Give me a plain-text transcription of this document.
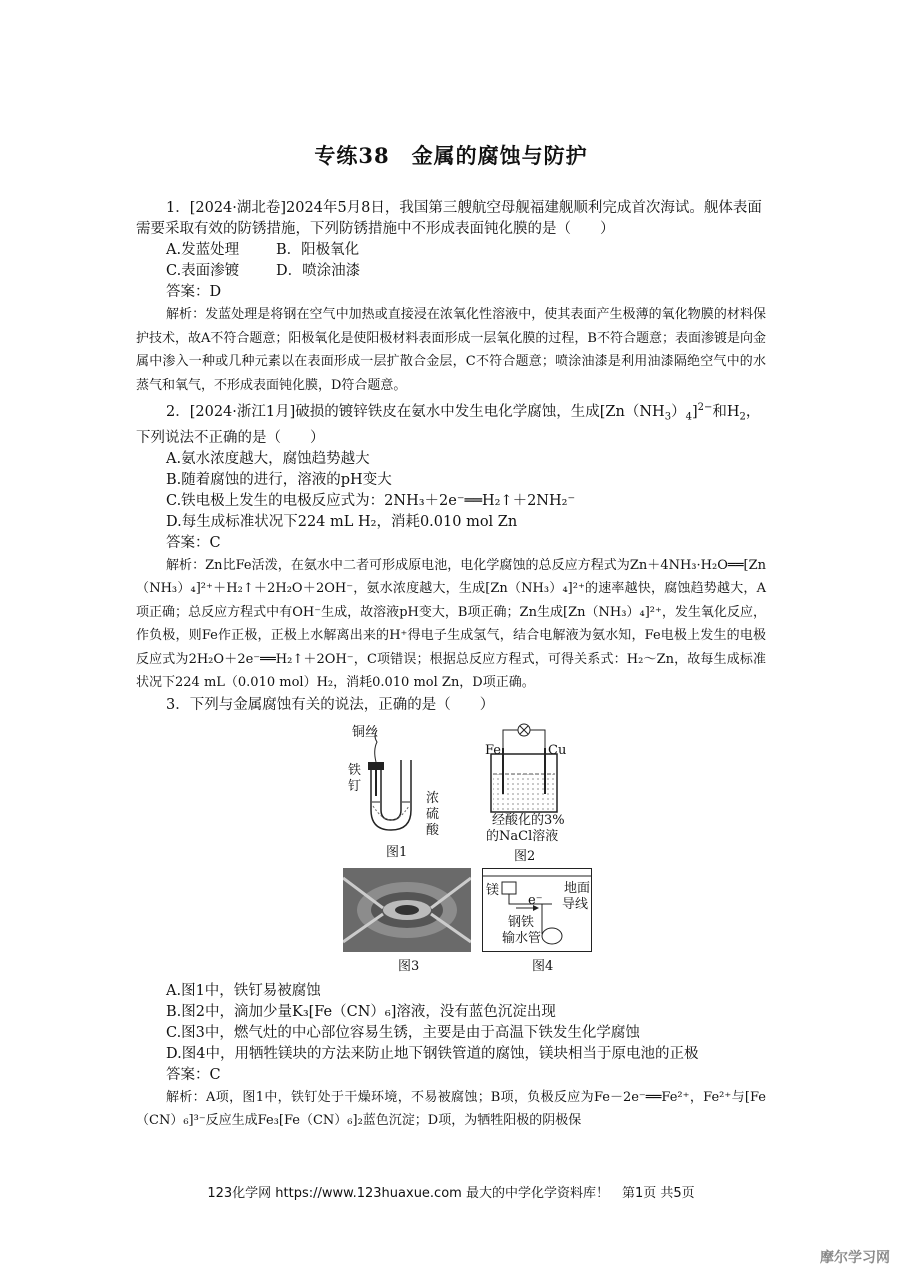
专练38　金属的腐蚀与防护

1．[2024·湖北卷]2024年5月8日，我国第三艘航空母舰福建舰顺利完成首次海试。舰体表面需要采取有效的防锈措施，下列防锈措施中不形成表面钝化膜的是（　　）

A.发蓝处理	B．阳极氧化

C.表面渗镀	D．喷涂油漆

答案：D

解析：发蓝处理是将钢在空气中加热或直接浸在浓氧化性溶液中，使其表面产生极薄的氧化物膜的材料保护技术，故A不符合题意；阳极氧化是使阳极材料表面形成一层氧化膜的过程，B不符合题意；表面渗镀是向金属中渗入一种或几种元素以在表面形成一层扩散合金层，C不符合题意；喷涂油漆是利用油漆隔绝空气中的水蒸气和氧气，不形成表面钝化膜，D符合题意。

2．[2024·浙江1月]破损的镀锌铁皮在氨水中发生电化学腐蚀，生成$[Zn(NH_3)_4]^{2-}$和$H_2$，下列说法不正确的是（　　）

A.氨水浓度越大，腐蚀趋势越大

B.随着腐蚀的进行，溶液的pH变大

C.铁电极上发生的电极反应式为：2NH₃＋2e⁻══H₂↑＋2NH₂⁻

D.每生成标准状况下224 mL H₂，消耗0.010 mol Zn

答案：C

解析：Zn比Fe活泼，在氨水中二者可形成原电池，电化学腐蚀的总反应方程式为Zn＋4NH₃·H₂O══[Zn（NH₃）₄]²⁺＋H₂↑＋2H₂O＋2OH⁻，氨水浓度越大，生成[Zn（NH₃）₄]²⁺的速率越快，腐蚀趋势越大，A项正确；总反应方程式中有OH⁻生成，故溶液pH变大，B项正确；Zn生成[Zn（NH₃）₄]²⁺，发生氧化反应，作负极，则Fe作正极，正极上水解离出来的H⁺得电子生成氢气，结合电解液为氨水知，Fe电极上发生的电极反应式为2H₂O＋2e⁻══H₂↑＋2OH⁻，C项错误；根据总反应方程式，可得关系式：H₂～Zn，故每生成标准状况下224 mL（0.010 mol）H₂，消耗0.010 mol Zn，D项正确。

3．下列与金属腐蚀有关的说法，正确的是（　　）

铜丝
铁
钉
浓
硫
酸
图1
Fe	Cu
经酸化的3%
的NaCl溶液
图2
图3
镁
e⁻
地面
导线
钢铁
输水管
图4

A.图1中，铁钉易被腐蚀

B.图2中，滴加少量K₃[Fe（CN）₆]溶液，没有蓝色沉淀出现

C.图3中，燃气灶的中心部位容易生锈，主要是由于高温下铁发生化学腐蚀

D.图4中，用牺牲镁块的方法来防止地下钢铁管道的腐蚀，镁块相当于原电池的正极

答案：C

解析：A项，图1中，铁钉处于干燥环境，不易被腐蚀；B项，负极反应为Fe－2e⁻══Fe²⁺，Fe²⁺与[Fe（CN）₆]³⁻反应生成Fe₃[Fe（CN）₆]₂蓝色沉淀；D项，为牺牲阳极的阴极保

123化学网 https://www.123huaxue.com 最大的中学化学资料库！　第1页 共5页
摩尔学习网
